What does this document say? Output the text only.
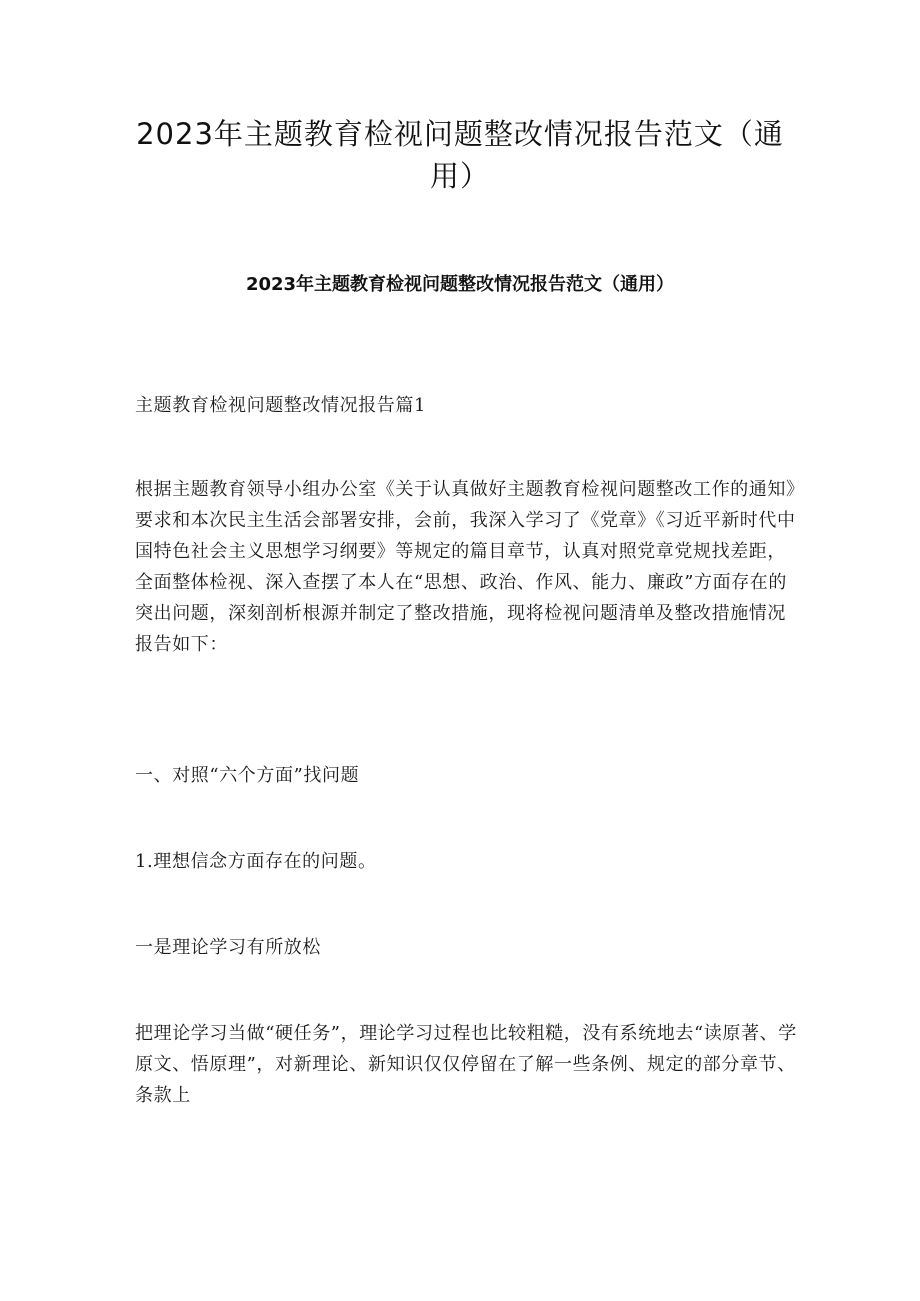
2023年主题教育检视问题整改情况报告范文（通用）
2023年主题教育检视问题整改情况报告范文（通用）

主题教育检视问题整改情况报告篇1

根据主题教育领导小组办公室《关于认真做好主题教育检视问题整改工作的通知》要求和本次民主生活会部署安排，会前，我深入学习了《党章》《习近平新时代中国特色社会主义思想学习纲要》等规定的篇目章节，认真对照党章党规找差距，全面整体检视、深入查摆了本人在“思想、政治、作风、能力、廉政”方面存在的突出问题，深刻剖析根源并制定了整改措施，现将检视问题清单及整改措施情况报告如下：

一、对照“六个方面”找问题

1.理想信念方面存在的问题。

一是理论学习有所放松

把理论学习当做“硬任务”，理论学习过程也比较粗糙，没有系统地去“读原著、学原文、悟原理”，对新理论、新知识仅仅停留在了解一些条例、规定的部分章节、条款上
